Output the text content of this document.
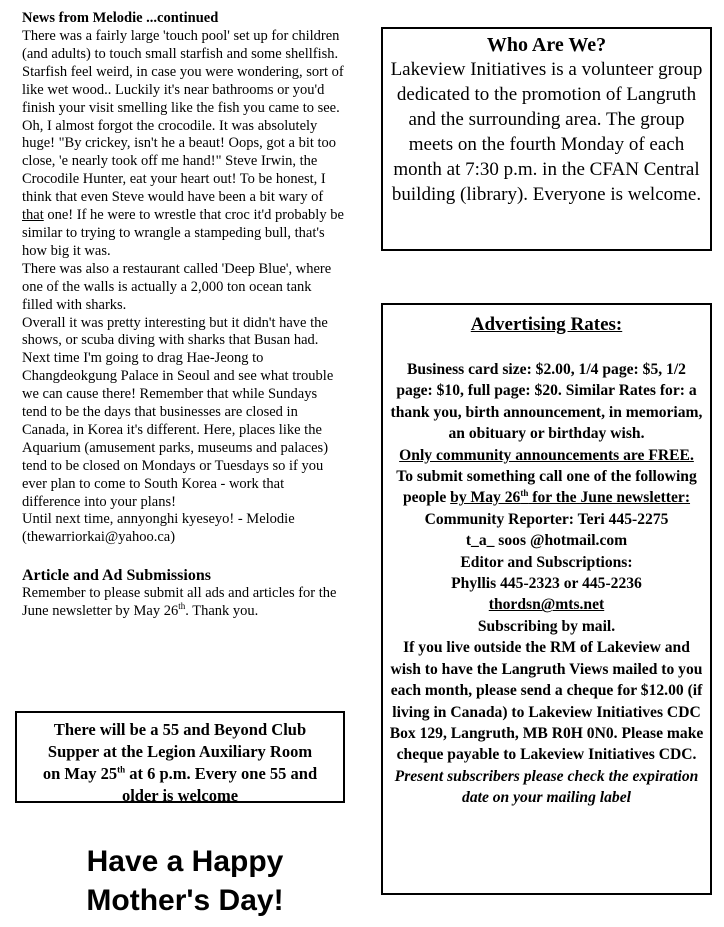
News from Melodie ...continued

There was a fairly large 'touch pool' set up for children (and adults) to touch small starfish and some shellfish. Starfish feel weird, in case you were wondering, sort of like wet wood.. Luckily it's near bathrooms or you'd finish your visit smelling like the fish you came to see.

Oh, I almost forgot the crocodile. It was absolutely huge! "By crickey, isn't he a beaut! Oops, got a bit too close, 'e nearly took off me hand!" Steve Irwin, the Crocodile Hunter, eat your heart out! To be honest, I think that even Steve would have been a bit wary of that one! If he were to wrestle that croc it'd probably be similar to trying to wrangle a stampeding bull, that's how big it was.

There was also a restaurant called 'Deep Blue', where one of the walls is actually a 2,000 ton ocean tank filled with sharks.

Overall it was pretty interesting but it didn't have the shows, or scuba diving with sharks that Busan had. Next time I'm going to drag Hae-Jeong to Changdeokgung Palace in Seoul and see what trouble we can cause there! Remember that while Sundays tend to be the days that businesses are closed in Canada, in Korea it's different. Here, places like the Aquarium (amusement parks, museums and palaces) tend to be closed on Mondays or Tuesdays so if you ever plan to come to South Korea - work that difference into your plans!

Until next time, annyonghi kyeseyo! - Melodie

(thewarriorkai@yahoo.ca)

Article and Ad Submissions

Remember to please submit all ads and articles for the June newsletter by May 26th. Thank you.

There will be a 55 and Beyond Club
Supper at the Legion Auxiliary Room
on May 25th at 6 p.m. Every one 55 and
older is welcome
Have a Happy
Mother's Day!
Who Are We?
Lakeview Initiatives is a volunteer group dedicated to the promotion of Langruth and the surrounding area. The group meets on the fourth Monday of each month at 7:30 p.m. in the CFAN Central building (library). Everyone is welcome.
Advertising Rates:
Business card size: $2.00, 1/4 page: $5, 1/2 page: $10, full page: $20. Similar Rates for: a thank you, birth announcement, in memoriam, an obituary or birthday wish.
Only community announcements are FREE.
To submit something call one of the following people by May 26th for the June newsletter:
Community Reporter: Teri 445-2275
t_a_ soos @hotmail.com
Editor and Subscriptions:
Phyllis 445-2323 or 445-2236
thordsn@mts.net
Subscribing by mail.
If you live outside the RM of Lakeview and wish to have the Langruth Views mailed to you each month, please send a cheque for $12.00 (if living in Canada) to Lakeview Initiatives CDC Box 129, Langruth, MB R0H 0N0. Please make cheque payable to Lakeview Initiatives CDC.
Present subscribers please check the expiration date on your mailing label
